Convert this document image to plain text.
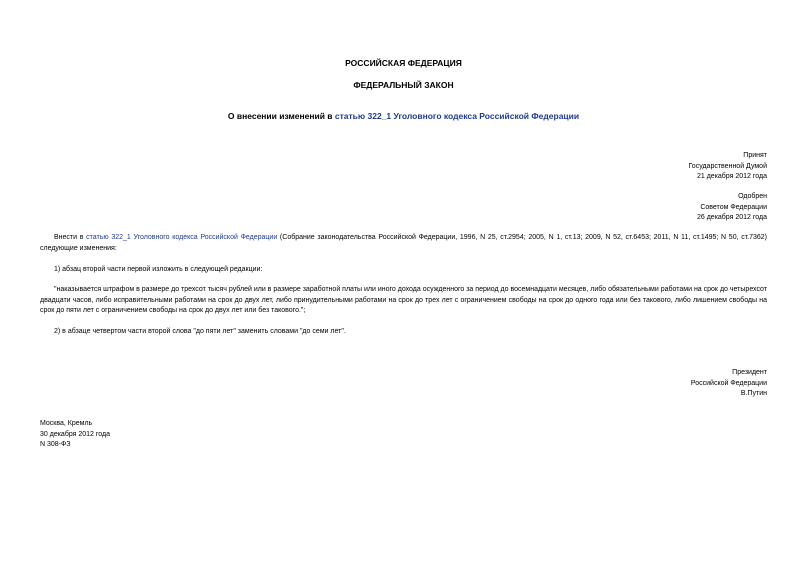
РОССИЙСКАЯ ФЕДЕРАЦИЯ
ФЕДЕРАЛЬНЫЙ ЗАКОН
О внесении изменений в статью 322_1 Уголовного кодекса Российской Федерации
Принят
Государственной Думой
21 декабря 2012 года
Одобрен
Советом Федерации
26 декабря 2012 года
Внести в статью 322_1 Уголовного кодекса Российской Федерации (Собрание законодательства Российской Федерации, 1996, N 25, ст.2954; 2005, N 1, ст.13; 2009, N 52, ст.6453; 2011, N 11, ст.1495; N 50, ст.7362) следующие изменения:
1) абзац второй части первой изложить в следующей редакции:
"наказывается штрафом в размере до трехсот тысяч рублей или в размере заработной платы или иного дохода осужденного за период до восемнадцати месяцев, либо обязательными работами на срок до четырехсот двадцати часов, либо исправительными работами на срок до двух лет, либо принудительными работами на срок до трех лет с ограничением свободы на срок до одного года или без такового, либо лишением свободы на срок до пяти лет с ограничением свободы на срок до двух лет или без такового.";
2) в абзаце четвертом части второй слова "до пяти лет" заменить словами "до семи лет".
Президент
Российской Федерации
В.Путин
Москва, Кремль
30 декабря 2012 года
N 308-ФЗ
